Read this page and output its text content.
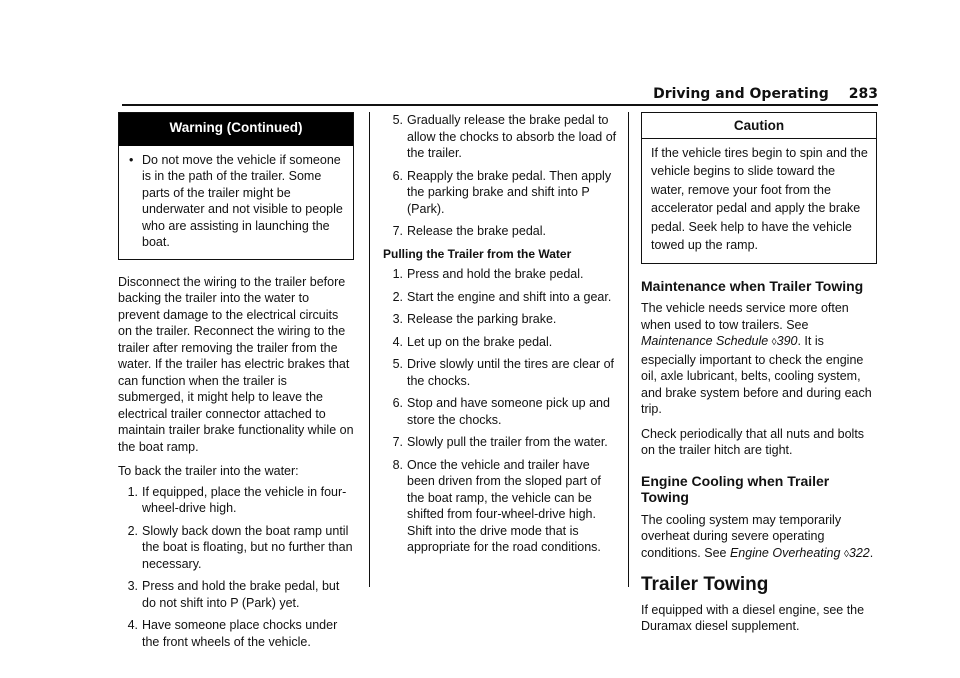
Driving and Operating 283
Warning (Continued)
• Do not move the vehicle if someone is in the path of the trailer. Some parts of the trailer might be underwater and not visible to people who are assisting in launching the boat.

Disconnect the wiring to the trailer before backing the trailer into the water to prevent damage to the electrical circuits on the trailer. Reconnect the wiring to the trailer after removing the trailer from the water. If the trailer has electric brakes that can function when the trailer is submerged, it might help to leave the electrical trailer connector attached to maintain trailer brake functionality while on the boat ramp.

To back the trailer into the water:

1. If equipped, place the vehicle in four-wheel-drive high.
2. Slowly back down the boat ramp until the boat is floating, but no further than necessary.
3. Press and hold the brake pedal, but do not shift into P (Park) yet.
4. Have someone place chocks under the front wheels of the vehicle.
5. Gradually release the brake pedal to allow the chocks to absorb the load of the trailer.
6. Reapply the brake pedal. Then apply the parking brake and shift into P (Park).
7. Release the brake pedal.
Pulling the Trailer from the Water
1. Press and hold the brake pedal.
2. Start the engine and shift into a gear.
3. Release the parking brake.
4. Let up on the brake pedal.
5. Drive slowly until the tires are clear of the chocks.
6. Stop and have someone pick up and store the chocks.
7. Slowly pull the trailer from the water.
8. Once the vehicle and trailer have been driven from the sloped part of the boat ramp, the vehicle can be shifted from four-wheel-drive high. Shift into the drive mode that is appropriate for the road conditions.
Caution
If the vehicle tires begin to spin and the vehicle begins to slide toward the water, remove your foot from the accelerator pedal and apply the brake pedal. Seek help to have the vehicle towed up the ramp.
Maintenance when Trailer Towing

The vehicle needs service more often when used to tow trailers. See Maintenance Schedule ◊390. It is especially important to check the engine oil, axle lubricant, belts, cooling system, and brake system before and during each trip.

Check periodically that all nuts and bolts on the trailer hitch are tight.

Engine Cooling when Trailer Towing

The cooling system may temporarily overheat during severe operating conditions. See Engine Overheating ◊322.

Trailer Towing

If equipped with a diesel engine, see the Duramax diesel supplement.
